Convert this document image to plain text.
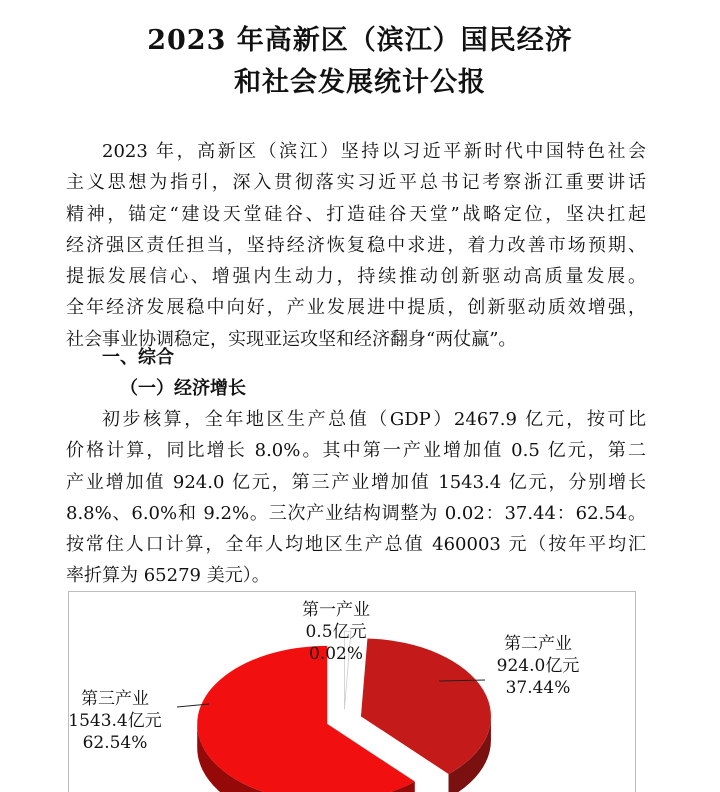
2023 年高新区（滨江）国民经济
和社会发展统计公报
2023 年，高新区（滨江）坚持以习近平新时代中国特色社会
主义思想为指引，深入贯彻落实习近平总书记考察浙江重要讲话
精神，锚定“建设天堂硅谷、打造硅谷天堂”战略定位，坚决扛起
经济强区责任担当，坚持经济恢复稳中求进，着力改善市场预期、
提振发展信心、增强内生动力，持续推动创新驱动高质量发展。
全年经济发展稳中向好，产业发展进中提质，创新驱动质效增强，
社会事业协调稳定，实现亚运攻坚和经济翻身“两仗赢”。
一、综合
（一）经济增长
初步核算，全年地区生产总值（GDP）2467.9 亿元，按可比
价格计算，同比增长 8.0%。其中第一产业增加值 0.5 亿元，第二
产业增加值 924.0 亿元，第三产业增加值 1543.4 亿元，分别增长
8.8%、6.0%和 9.2%。三次产业结构调整为 0.02：37.44：62.54。
按常住人口计算，全年人均地区生产总值 460003 元（按年平均汇
率折算为 65279 美元）。
第一产业
0.5亿元
0.02%	第二产业
924.0亿元
37.44%
第三产业
1543.4亿元
62.54%
